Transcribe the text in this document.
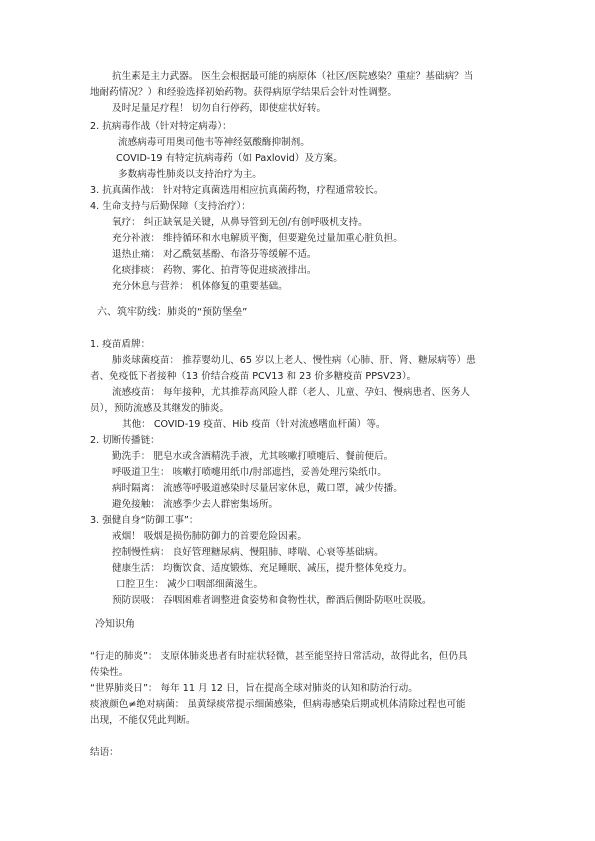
抗生素是主力武器。 医生会根据最可能的病原体（社区/医院感染？重症？基础病？当
地耐药情况？）和经验选择初始药物。获得病原学结果后会针对性调整。
及时足量足疗程！ 切勿自行停药，即使症状好转。
2. 抗病毒作战（针对特定病毒）：
流感病毒可用奥司他韦等神经氨酸酶抑制剂。
COVID-19 有特定抗病毒药（如 Paxlovid）及方案。
多数病毒性肺炎以支持治疗为主。
3. 抗真菌作战： 针对特定真菌选用相应抗真菌药物，疗程通常较长。
4. 生命支持与后勤保障（支持治疗）：
氧疗： 纠正缺氧是关键，从鼻导管到无创/有创呼吸机支持。
充分补液： 维持循环和水电解质平衡，但要避免过量加重心脏负担。
退热止痛： 对乙酰氨基酚、布洛芬等缓解不适。
化痰排痰： 药物、雾化、拍背等促进痰液排出。
充分休息与营养： 机体修复的重要基础。
六、筑牢防线：肺炎的“预防堡垒”
1. 疫苗盾牌：
肺炎球菌疫苗： 推荐婴幼儿、65 岁以上老人、慢性病（心肺、肝、肾、糖尿病等）患
者、免疫低下者接种（13 价结合疫苗 PCV13 和 23 价多糖疫苗 PPSV23）。
流感疫苗： 每年接种，尤其推荐高风险人群（老人、儿童、孕妇、慢病患者、医务人
员），预防流感及其继发的肺炎。
其他： COVID-19 疫苗、Hib 疫苗（针对流感嗜血杆菌）等。
2. 切断传播链：
勤洗手： 肥皂水或含酒精洗手液，尤其咳嗽打喷嚏后、餐前便后。
呼吸道卫生： 咳嗽打喷嚏用纸巾/肘部遮挡，妥善处理污染纸巾。
病时隔离： 流感等呼吸道感染时尽量居家休息，戴口罩，减少传播。
避免接触： 流感季少去人群密集场所。
3. 强健自身“防御工事”：
戒烟！ 吸烟是损伤肺防御力的首要危险因素。
控制慢性病： 良好管理糖尿病、慢阻肺、哮喘、心衰等基础病。
健康生活： 均衡饮食、适度锻炼、充足睡眠、减压，提升整体免疫力。
口腔卫生： 减少口咽部细菌滋生。
预防误吸： 吞咽困难者调整进食姿势和食物性状，醉酒后侧卧防呕吐误吸。
冷知识角
“行走的肺炎”： 支原体肺炎患者有时症状轻微，甚至能坚持日常活动，故得此名，但仍具
传染性。
“世界肺炎日”： 每年 11 月 12 日，旨在提高全球对肺炎的认知和防治行动。
痰液颜色≠绝对病菌： 虽黄绿痰常提示细菌感染，但病毒感染后期或机体清除过程也可能
出现，不能仅凭此判断。
结语：
